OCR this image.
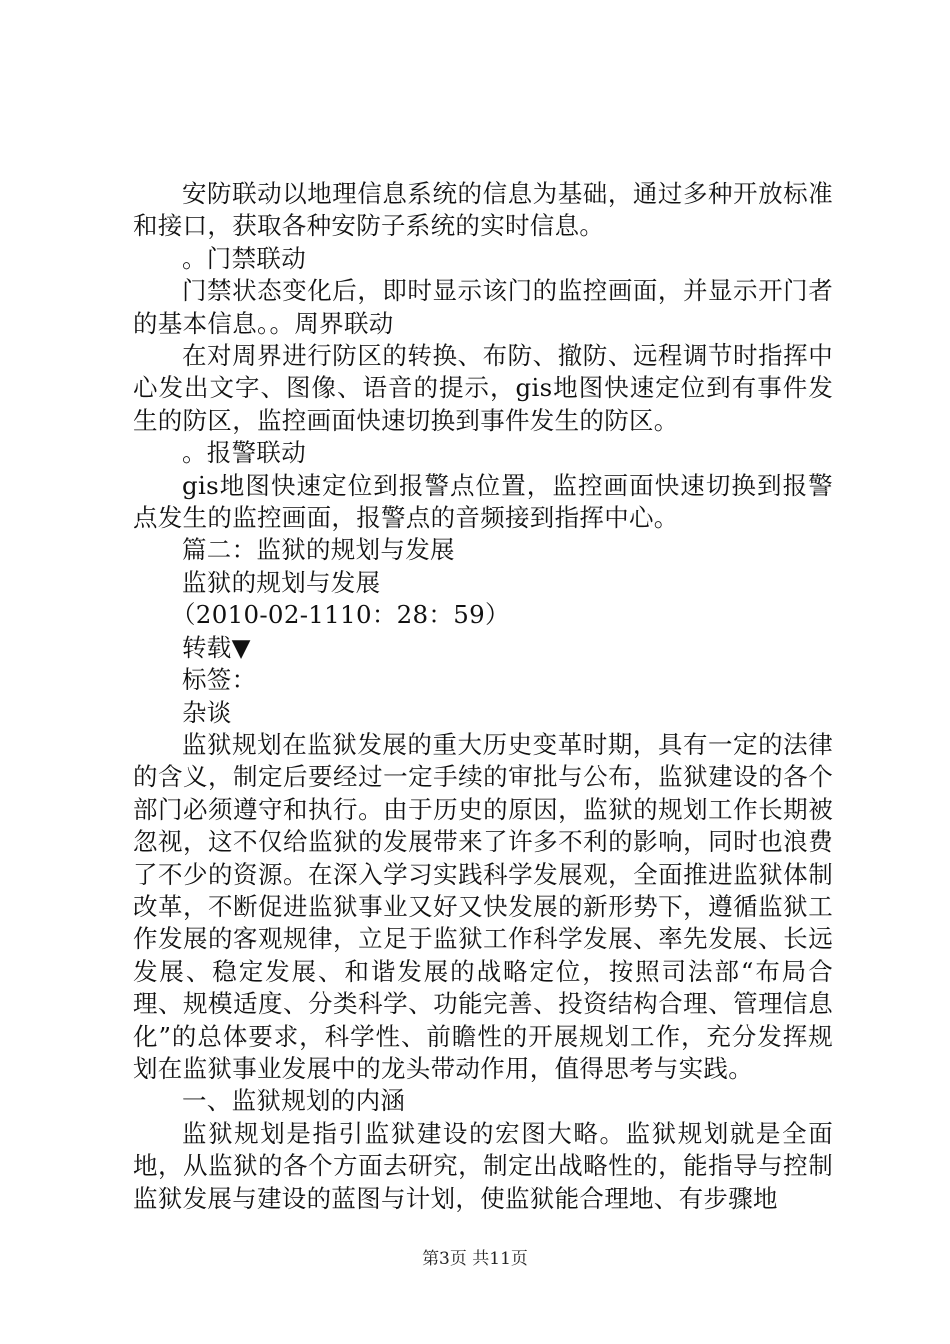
安防联动以地理信息系统的信息为基础，通过多种开放标准和接口，获取各种安防子系统的实时信息。

。门禁联动

门禁状态变化后，即时显示该门的监控画面，并显示开门者的基本信息。。周界联动

在对周界进行防区的转换、布防、撤防、远程调节时指挥中心发出文字、图像、语音的提示，gis地图快速定位到有事件发生的防区，监控画面快速切换到事件发生的防区。

。报警联动

gis地图快速定位到报警点位置，监控画面快速切换到报警点发生的监控画面，报警点的音频接到指挥中心。

篇二：监狱的规划与发展

监狱的规划与发展

（2010-02-1110：28：59）

转载▼

标签：

杂谈

监狱规划在监狱发展的重大历史变革时期，具有一定的法律的含义，制定后要经过一定手续的审批与公布，监狱建设的各个部门必须遵守和执行。由于历史的原因，监狱的规划工作长期被忽视，这不仅给监狱的发展带来了许多不利的影响，同时也浪费了不少的资源。在深入学习实践科学发展观，全面推进监狱体制改革，不断促进监狱事业又好又快发展的新形势下，遵循监狱工作发展的客观规律，立足于监狱工作科学发展、率先发展、长远发展、稳定发展、和谐发展的战略定位，按照司法部“布局合理、规模适度、分类科学、功能完善、投资结构合理、管理信息化”的总体要求，科学性、前瞻性的开展规划工作，充分发挥规划在监狱事业发展中的龙头带动作用，值得思考与实践。

一、监狱规划的内涵

监狱规划是指引监狱建设的宏图大略。监狱规划就是全面地，从监狱的各个方面去研究，制定出战略性的，能指导与控制监狱发展与建设的蓝图与计划，使监狱能合理地、有步骤地

第3页 共11页
